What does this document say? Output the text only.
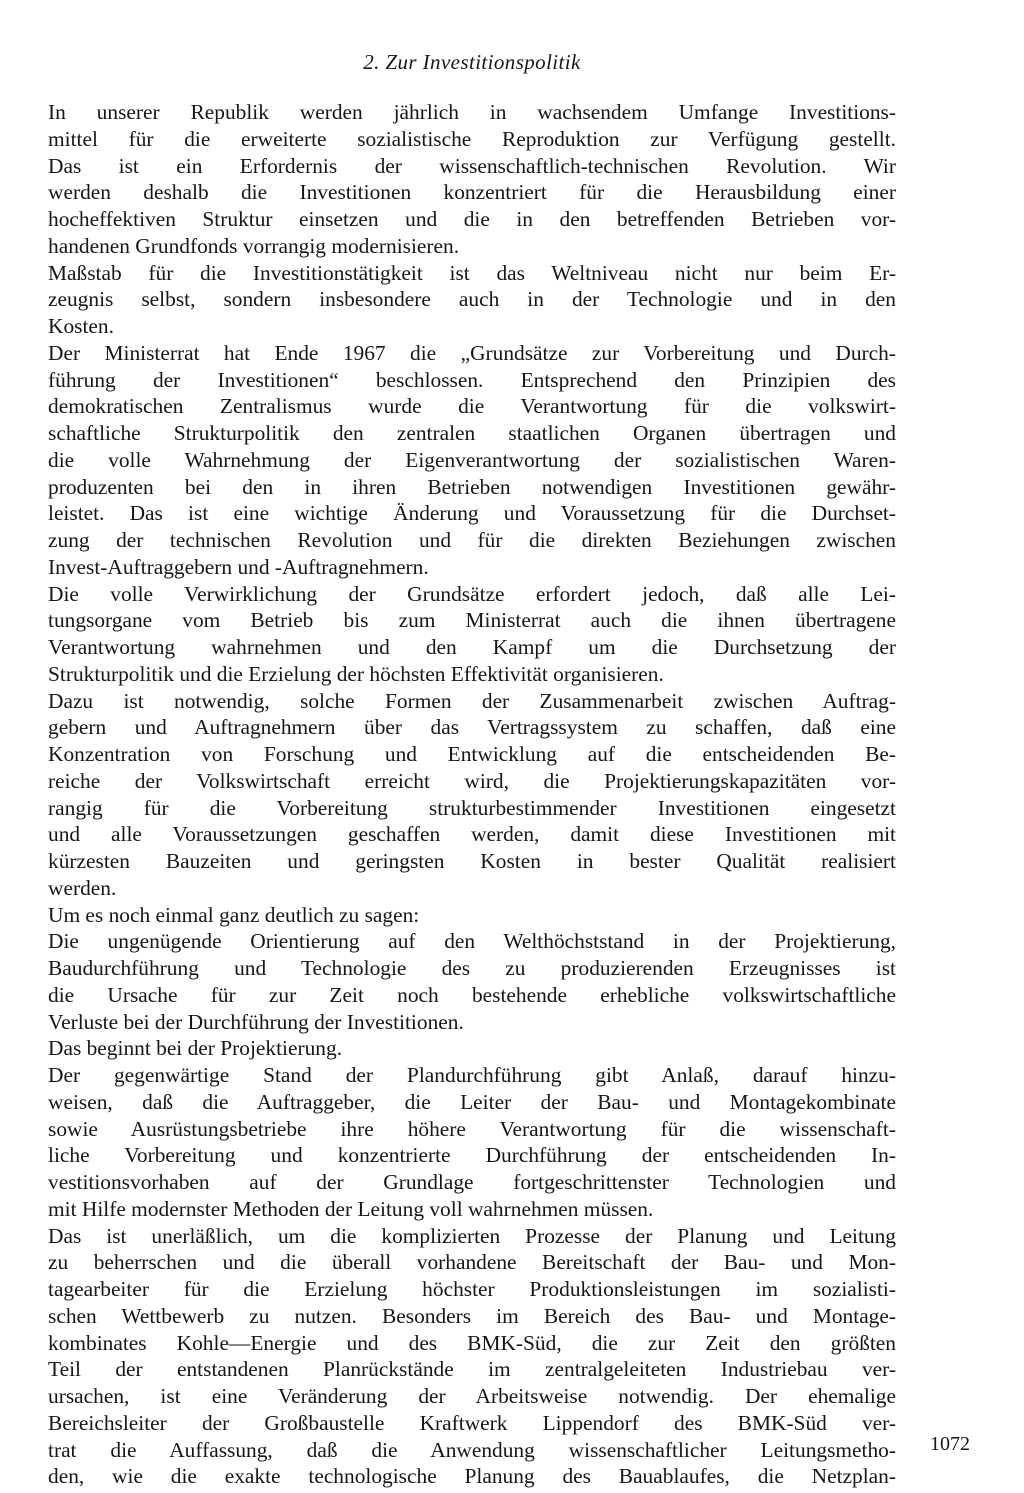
2. Zur Investitionspolitik
In unserer Republik werden jährlich in wachsendem Umfange Investitions-
mittel für die erweiterte sozialistische Reproduktion zur Verfügung gestellt.
Das ist ein Erfordernis der wissenschaftlich-technischen Revolution. Wir
werden deshalb die Investitionen konzentriert für die Herausbildung einer
hocheffektiven Struktur einsetzen und die in den betreffenden Betrieben vor-
handenen Grundfonds vorrangig modernisieren.
Maßstab für die Investitionstätigkeit ist das Weltniveau nicht nur beim Er-
zeugnis selbst, sondern insbesondere auch in der Technologie und in den
Kosten.
Der Ministerrat hat Ende 1967 die „Grundsätze zur Vorbereitung und Durch-
führung der Investitionen“ beschlossen. Entsprechend den Prinzipien des
demokratischen Zentralismus wurde die Verantwortung für die volkswirt-
schaftliche Strukturpolitik den zentralen staatlichen Organen übertragen und
die volle Wahrnehmung der Eigenverantwortung der sozialistischen Waren-
produzenten bei den in ihren Betrieben notwendigen Investitionen gewähr-
leistet. Das ist eine wichtige Änderung und Voraussetzung für die Durchset-
zung der technischen Revolution und für die direkten Beziehungen zwischen
Invest-Auftraggebern und -Auftragnehmern.
Die volle Verwirklichung der Grundsätze erfordert jedoch, daß alle Lei-
tungsorgane vom Betrieb bis zum Ministerrat auch die ihnen übertragene
Verantwortung wahrnehmen und den Kampf um die Durchsetzung der
Strukturpolitik und die Erzielung der höchsten Effektivität organisieren.
Dazu ist notwendig, solche Formen der Zusammenarbeit zwischen Auftrag-
gebern und Auftragnehmern über das Vertragssystem zu schaffen, daß eine
Konzentration von Forschung und Entwicklung auf die entscheidenden Be-
reiche der Volkswirtschaft erreicht wird, die Projektierungskapazitäten vor-
rangig für die Vorbereitung strukturbestimmender Investitionen eingesetzt
und alle Voraussetzungen geschaffen werden, damit diese Investitionen mit
kürzesten Bauzeiten und geringsten Kosten in bester Qualität realisiert
werden.
Um es noch einmal ganz deutlich zu sagen:
Die ungenügende Orientierung auf den Welthöchststand in der Projektierung,
Baudurchführung und Technologie des zu produzierenden Erzeugnisses ist
die Ursache für zur Zeit noch bestehende erhebliche volkswirtschaftliche
Verluste bei der Durchführung der Investitionen.
Das beginnt bei der Projektierung.
Der gegenwärtige Stand der Plandurchführung gibt Anlaß, darauf hinzu-
weisen, daß die Auftraggeber, die Leiter der Bau- und Montagekombinate
sowie Ausrüstungsbetriebe ihre höhere Verantwortung für die wissenschaft-
liche Vorbereitung und konzentrierte Durchführung der entscheidenden In-
vestitionsvorhaben auf der Grundlage fortgeschrittenster Technologien und
mit Hilfe modernster Methoden der Leitung voll wahrnehmen müssen.
Das ist unerläßlich, um die komplizierten Prozesse der Planung und Leitung
zu beherrschen und die überall vorhandene Bereitschaft der Bau- und Mon-
tagearbeiter für die Erzielung höchster Produktionsleistungen im sozialisti-
schen Wettbewerb zu nutzen. Besonders im Bereich des Bau- und Montage-
kombinates Kohle—Energie und des BMK-Süd, die zur Zeit den größten
Teil der entstandenen Planrückstände im zentralgeleiteten Industriebau ver-
ursachen, ist eine Veränderung der Arbeitsweise notwendig. Der ehemalige
Bereichsleiter der Großbaustelle Kraftwerk Lippendorf des BMK-Süd ver-
trat die Auffassung, daß die Anwendung wissenschaftlicher Leitungsmetho-
den, wie die exakte technologische Planung des Bauablaufes, die Netzplan-
1072
